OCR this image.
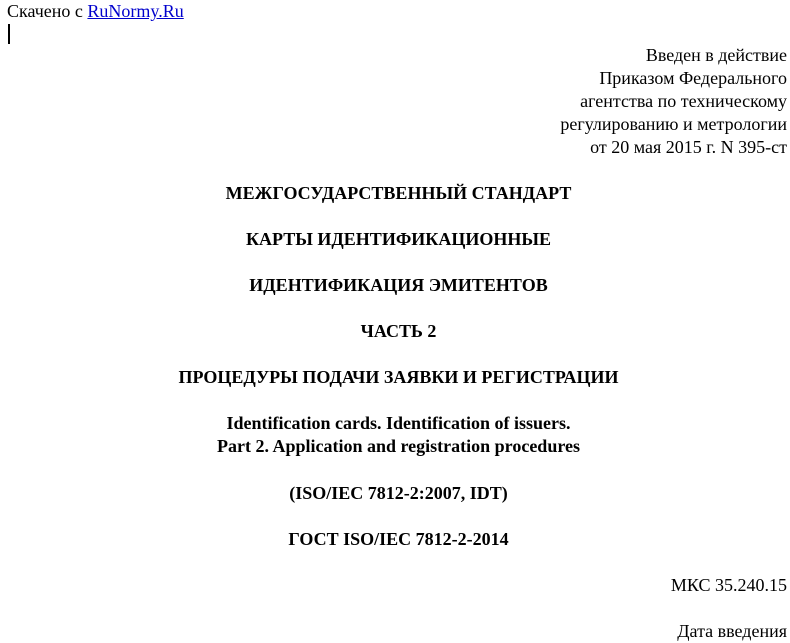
Скачено с RuNormy.Ru
Введен в действие
Приказом Федерального
агентства по техническому
регулированию и метрологии
от 20 мая 2015 г. N 395-ст
МЕЖГОСУДАРСТВЕННЫЙ СТАНДАРТ
КАРТЫ ИДЕНТИФИКАЦИОННЫЕ
ИДЕНТИФИКАЦИЯ ЭМИТЕНТОВ
ЧАСТЬ 2
ПРОЦЕДУРЫ ПОДАЧИ ЗАЯВКИ И РЕГИСТРАЦИИ
Identification cards. Identification of issuers.
Part 2. Application and registration procedures
(ISO/IEC 7812-2:2007, IDT)
ГОСТ ISO/IEC 7812-2-2014
МКС 35.240.15
Дата введения
